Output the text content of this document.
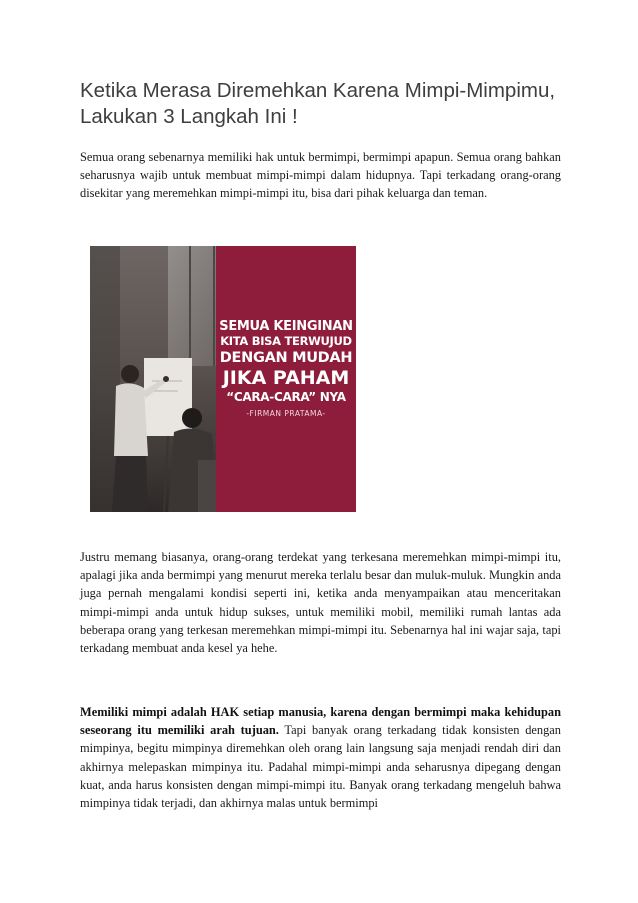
Ketika Merasa Diremehkan Karena Mimpi-Mimpimu, Lakukan 3 Langkah Ini !

Semua orang sebenarnya memiliki hak untuk bermimpi, bermimpi apapun. Semua orang bahkan seharusnya wajib untuk membuat mimpi-mimpi dalam hidupnya. Tapi terkadang orang-orang disekitar yang meremehkan mimpi-mimpi itu, bisa dari pihak keluarga dan teman.

SEMUA KEINGINAN
KITA BISA TERWUJUD
DENGAN MUDAH
JIKA PAHAM
“CARA-CARA” NYA
-FIRMAN PRATAMA-

Justru memang biasanya, orang-orang terdekat yang terkesana meremehkan mimpi-mimpi itu, apalagi jika anda bermimpi yang menurut mereka terlalu besar dan muluk-muluk. Mungkin anda juga pernah mengalami kondisi seperti ini, ketika anda menyampaikan atau menceritakan mimpi-mimpi anda untuk hidup sukses, untuk memiliki mobil, memiliki rumah lantas ada beberapa orang yang terkesan meremehkan mimpi-mimpi itu. Sebenarnya hal ini wajar saja, tapi terkadang membuat anda kesel ya hehe.

Memiliki mimpi adalah HAK setiap manusia, karena dengan bermimpi maka kehidupan seseorang itu memiliki arah tujuan. Tapi banyak orang terkadang tidak konsisten dengan mimpinya, begitu mimpinya diremehkan oleh orang lain langsung saja menjadi rendah diri dan akhirnya melepaskan mimpinya itu. Padahal mimpi-mimpi anda seharusnya dipegang dengan kuat, anda harus konsisten dengan mimpi-mimpi itu. Banyak orang terkadang mengeluh bahwa mimpinya tidak terjadi, dan akhirnya malas untuk bermimpi
